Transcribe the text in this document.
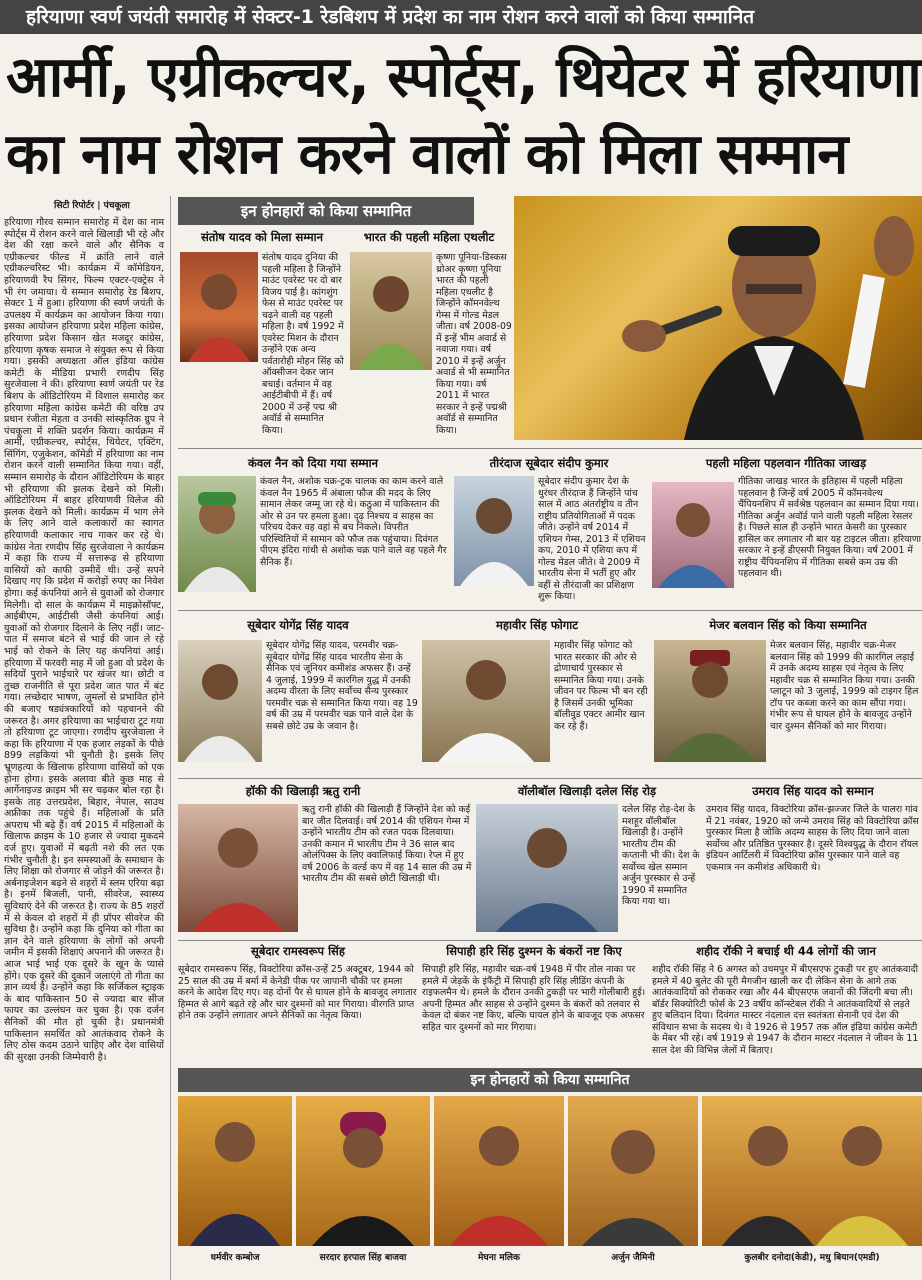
हरियाणा स्वर्ण जयंती समारोह में सेक्टर-1 रेडबिशप में प्रदेश का नाम रोशन करने वालों को किया सम्मानित
आर्मी, एग्रीकल्चर, स्पोर्ट्स, थियेटर में हरियाणा
का नाम रोशन करने वालों को मिला सम्मान
सिटी रिपोर्टर | पंचकूला
हरियाणा गौरव सम्मान समारोह में देश का नाम स्पोर्ट्स में रोशन करने वाले खिलाड़ी भी रहे और देश की रक्षा करने वाले और सैनिक व एग्रीकल्चर फील्ड में क्रांति लाने वाले एग्रीकल्चरिस्ट भी। कार्यक्रम में कॉमेडियन, हरियाणवी रैप सिंगर, फिल्म एक्टर-एक्ट्रेस ने भी रंग जमाया। ये सम्मान समारोह रेड बिशप, सेक्टर 1 में हुआ। हरियाणा की स्वर्ण जयंती के उपलक्ष्य में कार्यक्रम का आयोजन किया गया। इसका आयोजन हरियाणा प्रदेश महिला कांग्रेस, हरियाणा प्रदेश किसान खेत मजदूर कांग्रेस, हरियाणा कृषक समाज ने संयुक्त रूप से किया गया। इसकी अध्यक्षता ऑल इंडिया कांग्रेस कमेटी के मीडिया प्रभारी रणदीप सिंह सुरजेवाला ने की। हरियाणा स्वर्ण जयंती पर रेड बिशप के ऑडिटोरियम में विशाल समारोह कर हरियाणा महिला कांग्रेस कमेटी की वरिष्ठ उप प्रधान रंजीता मेहता व उनकी सांस्कृतिक ग्रुप ने पंचकूला में शक्ति प्रदर्शन किया। कार्यक्रम में आर्मी, एग्रीकल्चर, स्पोर्ट्स, थियेटर, एक्टिंग, सिंगिंग, एजुकेशन, कॉमेडी में हरियाणा का नाम रोशन करने वाली सम्मानित किया गया। वहीं, सम्मान समारोह के दौरान ऑडिटोरियम के बाहर भी हरियाणा की झलक देखने को मिली। ऑडिटोरियम में बाहर हरियाणवी विलेज की झलक देखने को मिली। कार्यक्रम में भाग लेने के लिए आने वाले कलाकारों का स्वागत हरियाणवी कलाकार नाच गाकर कर रहे थे। कांग्रेस नेता रणदीप सिंह सुरजेवाला ने कार्यक्रम में कहा कि राज्य में सत्तारूढ़ से हरियाणा वासियों को काफी उम्मीदें थी। उन्हें सपने दिखाए गए कि प्रदेश में करोड़ों रुपए का निवेश होगा। कई कंपनियां आने से युवाओं को रोजगार मिलेगी। दो साल के कार्यक्रम में माइक्रोसॉफ्ट, आईबीएम, आईटीसी जैसी कंपनियां आई। युवाओं को रोजगार दिलाने के लिए नहीं। जाट-पात में समाज बंटने से भाई की जान ले रहे भाई को रोकने के लिए यह कंपनियां आई। हरियाणा में फरवरी माह में जो हुआ वो प्रदेश के सदियों पुराने भाईचारे पर खंजर था। छोटी व तुच्छ राजनीति से पूरा प्रदेश जात पात में बंट गया। लच्छेदार भाषण, जुमलों से प्रभावित होने की बजाए षड्यंत्रकारियों को पहचानने की जरूरत है। अगर हरियाणा का भाईचारा टूट गया तो हरियाणा टूट जाएगा। रणदीप सुरजेवाला ने कहा कि हरियाणा में एक हजार लड़कों के पीछे 899 लड़कियां भी चुनौती है। इसके लिए भ्रूणहत्या के खिलाफ हरियाणा वासियों को एक होना होगा। इसके अलावा बीते कुछ माह से आर्गेनाइज्ड क्राइम भी सर चढ़कर बोल रहा है। इसके ताह उत्तरप्रदेश, बिहार, नेपाल, साउथ अफ्रीका तक पहुंचे हैं। महिलाओं के प्रति अपराध भी बढ़े हैं। वर्ष 2015 में महिलाओं के खिलाफ क्राइम के 10 हजार से ज्यादा मुकदमे दर्ज हुए। युवाओं में बढ़ती नशे की लत एक गंभीर चुनौती है। इन समस्याओं के समाधान के लिए शिक्षा को रोजगार से जोड़ने की जरूरत है। अर्बनाइजेशन बढ़ने से शहरों में स्लम एरिया बढ़ा है। इनमें बिजली, पानी, सीवरेज, स्वास्थ्य सुविधाएं देने की जरूरत है। राज्य के 85 शहरों में से केवल दो शहरों में ही प्रॉपर सीवरेज की सुविधा है। उन्होंने कहा कि दुनिया को गीता का ज्ञान देने वाले हरियाणा के लोगों को अपनी जमीन में इसकी शिक्षाएं अपनाने की जरूरत है। आज भाई भाई एक दूसरे के खून के प्यासे होंगे। एक दूसरे की दुकानें जलाएंगे तो गीता का ज्ञान व्यर्थ है। उन्होंने कहा कि सर्जिकल स्ट्राइक के बाद पाकिस्तान 50 से ज्यादा बार सीज फायर का उल्लंघन कर चुका है। एक दर्जन सैनिकों की मौत हो चुकी है। प्रधानमंत्री पाकिस्तान समर्थित को आतंकवाद रोकने के लिए ठोस कदम उठाने चाहिए और देश वासियों की सुरक्षा उनकी जिम्मेवारी है।
इन होनहारों को किया सम्मानित
संतोष यादव को मिला सम्मान
संतोष यादव दुनिया की पहली महिला है जिन्होंने माउंट एवरेस्ट पर दो बार विजय पाई है। कांगशुंग फेस से माउंट एवरेस्ट पर चढ़ने वाली वह पहली महिला है। वर्ष 1992 में एवरेस्ट मिशन के दौरान उन्होंने एक अन्य पर्वतारोही मोहन सिंह को ऑक्सीजन देकर जान बचाई। वर्तमान में वह आईटीबीपी में हैं। वर्ष 2000 में उन्हें पद्म श्री अवॉर्ड से सम्मानित किया।
भारत की पहली महिला एथलीट
कृष्णा पूनिया-डिस्कस थ्रोअर कृष्णा पूनिया भारत की पहली महिला एथलीट है जिन्होंने कॉमनवेल्थ गेम्स में गोल्ड मेडल जीता। वर्ष 2008-09 में इन्हें भीम अवार्ड से नवाजा गया। वर्ष 2010 में इन्हें अर्जुन अवार्ड से भी सम्मानित किया गया। वर्ष 2011 में भारत सरकार ने इन्हें पद्मश्री अवॉर्ड से सम्मानित किया।
कंवल नैन को दिया गया सम्मान
कंवल नैन, अशोक चक्र-ट्रक चालक का काम करने वाले कंवल नैन 1965 में अंबाला फौज की मदद के लिए सामान लेकर जम्मू जा रहे थे। कठुआ में पाकिस्तान की ओर से उन पर हमला हुआ। दृढ़ निश्चय व साहस का परिचय देकर वह वहां से बच निकले। विपरीत परिस्थितियों में सामान को फौज तक पहुंचाया। दिवंगत पीएम इंदिरा गांधी से अशोक चक्र पाने वाले वह पहले गैर सैनिक हैं।
तीरंदाज सूबेदार संदीप कुमार
सूबेदार संदीप कुमार देश के धुरंधर तीरंदाज हैं जिन्होंने पांच साल में आठ अंतर्राष्ट्रीय व तीन राष्ट्रीय प्रतियोगिताओं में पदक जीते। उन्होंने वर्ष 2014 में एशियन गेम्स, 2013 में एशियन कप, 2010 में एशिया कप में गोल्ड मेडल जीते। वे 2009 में भारतीय सेना में भर्ती हुए और वहीं से तीरंदाजी का प्रशिक्षण शुरू किया।
पहली महिला पहलवान गीतिका जाखड़
गीतिका जाखड़ भारत के इतिहास में पहली महिला पहलवान है जिन्हें वर्ष 2005 में कॉमनवेल्थ चैंपियनशिप में सर्वश्रेष्ठ पहलवान का सम्मान दिया गया। गीतिका अर्जुन अवॉर्ड पाने वाली पहली महिला रेसलर है। पिछले साल ही उन्होंने भारत केसरी का पुरस्कार हासिल कर लगातार नौ बार यह टाइटल जीता। हरियाणा सरकार ने इन्हें डीएसपी नियुक्त किया। वर्ष 2001 में राष्ट्रीय चैंपियनशिप में गीतिका सबसे कम उम्र की पहलवान थी।
सूबेदार योगेंद्र सिंह यादव
सूबेदार योगेंद्र सिंह यादव, परमवीर चक्र-सूबेदार योगेंद्र सिंह यादव भारतीय सेना के सैनिक एवं जूनियर कमीशंड अफसर हैं। उन्हें 4 जुलाई, 1999 में कारगिल युद्ध में उनकी अदम्य वीरता के लिए सर्वोच्च सैन्य पुरस्कार परमवीर चक्र से सम्मानित किया गया। वह 19 वर्ष की उम्र में परमवीर चक्र पाने वाले देश के सबसे छोटे उम्र के जवान है।
महावीर सिंह फोगाट
महावीर सिंह फोगाट को भारत सरकार की ओर से द्रोणाचार्य पुरस्कार से सम्मानित किया गया। उनके जीवन पर फिल्म भी बन रही है जिसमें उनकी भूमिका बॉलीवुड एक्टर आमीर खान कर रहे हैं।
मेजर बलवान सिंह को किया सम्मानित
मेजर बलवान सिंह, महावीर चक्र-मेजर बलवान सिंह को 1999 की कारगिल लड़ाई में उनके अदम्य साहस एवं नेतृत्व के लिए महावीर चक्र से सम्मानित किया गया। उनकी प्लाटून को 3 जुलाई, 1999 को टाइगर हिल टॉप पर कब्जा करने का काम सौंपा गया। गंभीर रूप से घायल होने के बावजूद उन्होंने चार दुश्मन सैनिकों को मार गिराया।
हॉकी की खिलाड़ी ऋतु रानी
ऋतु रानी हॉकी की खिलाड़ी हैं जिन्होंने देश को कई बार जीत दिलवाई। वर्ष 2014 की एशियन गेम्स में उन्होंने भारतीय टीम को रजत पदक दिलवाया। उनकी कमान में भारतीय टीम ने 36 साल बाद ओलंपिक्स के लिए क्वालिफाई किया। रेप्ल में हुए वर्ष 2006 के वर्ल्ड कप में वह 14 साल की उम्र में भारतीय टीम की सबसे छोटी खिलाड़ी थी।
वॉलीबॉल खिलाड़ी दलेल सिंह रोड़
दलेल सिंह रोड़-देश के मशहूर वॉलीबॉल खिलाड़ी है। उन्होंने भारतीय टीम की कप्तानी भी की। देश के सर्वोच्च खेल सम्मान अर्जुन पुरस्कार से उन्हें 1990 में सम्मानित किया गया था।
उमराव सिंह यादव को सम्मान
उमराव सिंह यादव, विक्टोरिया क्रॉस-झज्जर जिले के पालरा गांव में 21 नवंबर, 1920 को जन्मे उमराव सिंह को विक्टोरिया क्रॉस पुरस्कार मिला है जोकि अदम्य साहस के लिए दिया जाने वाला सर्वोच्च और प्रतिष्ठित पुरस्कार है। दूसरे विश्वयुद्ध के दौरान रॉयल इंडियन आर्टिलरी में विक्टोरिया क्रॉस पुरस्कार पाने वाले वह एकमात्र नन कमीशंड अधिकारी थे।
सूबेदार रामस्वरूप सिंह
सूबेदार रामस्वरूप सिंह, विक्टोरिया क्रॉस-उन्हें 25 अक्टूबर, 1944 को 25 साल की उम्र में बर्मा में केनेडी पीक पर जापानी चौकी पर हमला करने के आदेश दिए गए। वह दोनों पैर से घायल होने के बावजूद लगातार हिम्मत से आगे बढ़ते रहे और चार दुश्मनों को मार गिराया। वीरगति प्राप्त होने तक उन्होंने लगातार अपने सैनिकों का नेतृत्व किया।
सिपाही हरि सिंह दुश्मन के बंकरों नष्ट किए
सिपाही हरि सिंह, महावीर चक्र-वर्ष 1948 में पीर तोल नाका पर हमले में जेड़कें के इंफैंट्री में सिपाही हरि सिंह लीडिंग कंपनी के राइफलमैन थे। हमले के दौरान उनकी टुकड़ी पर भारी गोलीबारी हुई। अपनी हिम्मत और साहस से उन्होंने दुश्मन के बंकरों को तलवार से केवल दो बंकर नष्ट किए, बल्कि घायल होने के बावजूद एक अफसर सहित चार दुश्मनों को मार गिराया।
शहीद रॉकी ने बचाई थी 44 लोगों की जान
शहीद रॉकी सिंह ने 6 अगस्त को उधमपुर में बीएसएफ टुकड़ी पर हुए आतंकवादी हमले में 40 बुलेट की पूरी मैगजीन खाली कर दी लेकिन सेना के आगे तक आतंकवादियों को रोककर रखा और 44 बीएसएफ जवानों की जिंदगी बचा ली। बॉर्डर सिक्योरिटी फोर्स के 23 वर्षीय कॉन्स्टेबल रॉकी ने आतंकवादियों से लड़ते हुए बलिदान दिया। दिवंगत मास्टर नंदलाल दत्त स्वतंत्रता सेनानी एवं देश की संविधान सभा के सदस्य थे। वे 1926 से 1957 तक ऑल इंडिया कांग्रेस कमेटी के मेंबर भी रहे। वर्ष 1919 से 1947 के दौरान मास्टर नंदलाल ने जीवन के 11 साल देश की विभिन्न जेलों में बिताए।
इन होनहारों को किया सम्मानित
धर्मवीर कम्बोज	सरदार हरपाल सिंह बाजवा	मेघना मलिक	अर्जुन जैमिनी	कुलबीर दनोदा(केडी), मधु बियान(एमडी)
